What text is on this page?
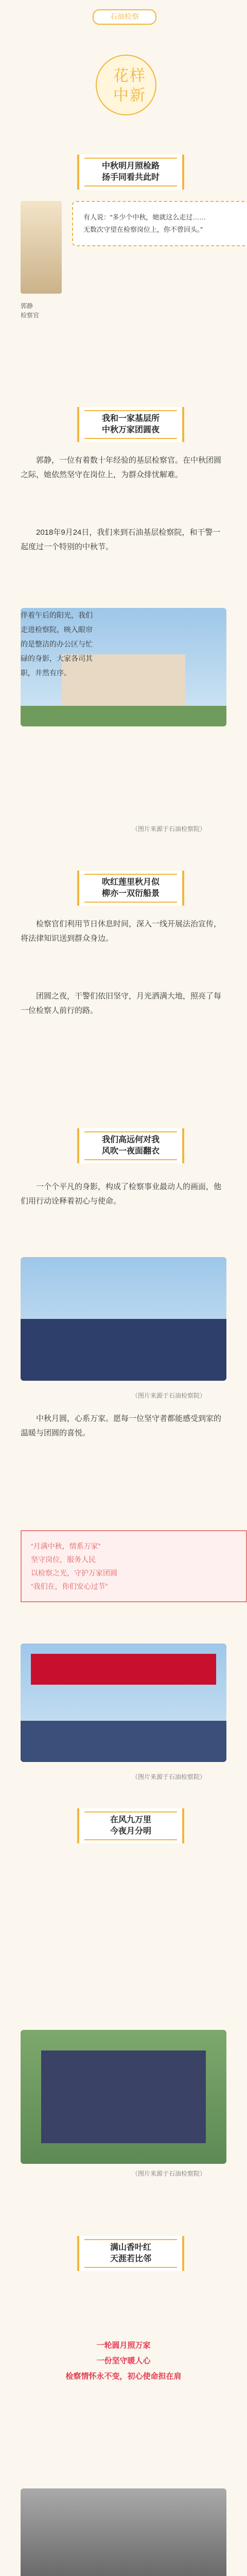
石油检察
花 样
中 新
中秋明月照检路
扬手同看共此时
郭静
检察官
有人说：“多少个中秋，她就这么走过……
无数次守望在检察岗位上，你不曾回头。”
我和一家基层所
中秋万家团圆夜
郭静，一位有着数十年经验的基层检察官。在中秋团圆之际，她依然坚守在岗位上，为群众排忧解难。
2018年9月24日，我们来到石油基层检察院，和干警一起度过一个特别的中秋节。
伴着午后的阳光，我们走进检察院，映入眼帘的是整洁的办公区与忙碌的身影，大家各司其职，井然有序。
（图片来源于石油检察院）
吹红莲里秋月似
柳亦一双衍船景
检察官们利用节日休息时间，深入一线开展法治宣传，将法律知识送到群众身边。
团圆之夜，干警们依旧坚守，月光洒满大地，照亮了每一位检察人前行的路。
我们高远何对我
风吹一夜面翻衣
一个个平凡的身影，构成了检察事业最动人的画面，他们用行动诠释着初心与使命。
（图片来源于石油检察院）
中秋月圆，心系万家。愿每一位坚守者都能感受到家的温暖与团圆的喜悦。
“月满中秋，情系万家”
坚守岗位，服务人民
以检察之光，守护万家团圆
“我们在，你们安心过节”
（图片来源于石油检察院）
在风九万里
今夜月分明
（图片来源于石油检察院）
满山香叶红
天涯若比邻
一轮圆月照万家
一份坚守暖人心
检察情怀永不变，初心使命担在肩
